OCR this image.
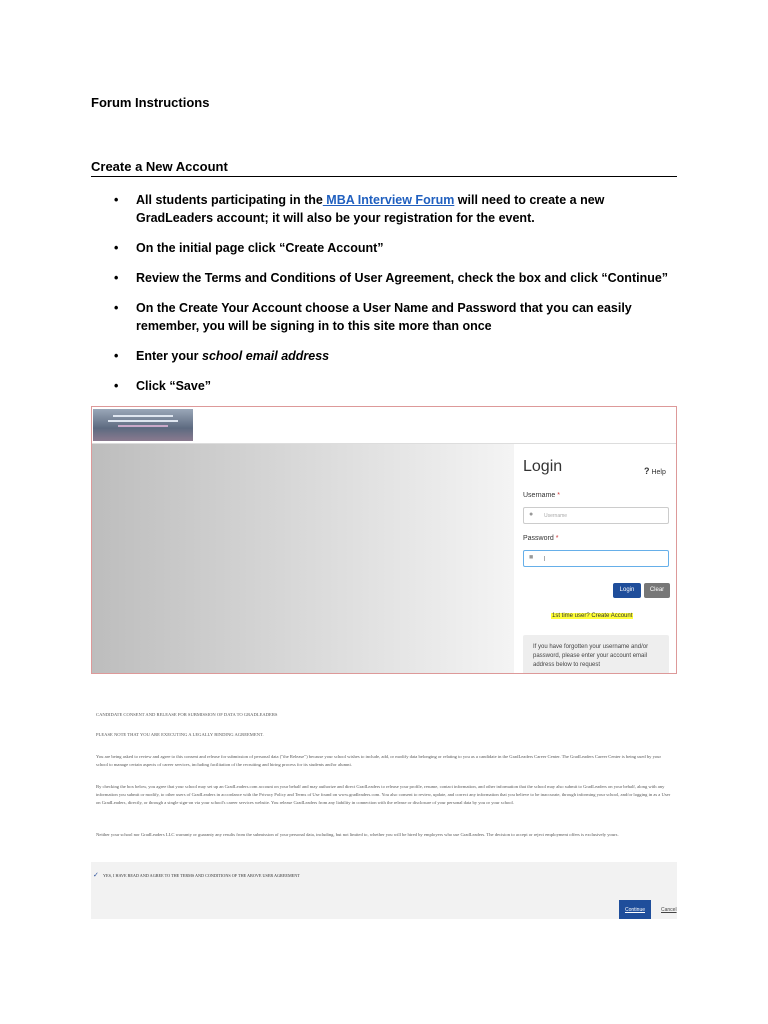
Forum Instructions
Create a New Account
• All students participating in the MBA Interview Forum will need to create a new GradLeaders account; it will also be your registration for the event.
• On the initial page click “Create Account”
• Review the Terms and Conditions of User Agreement, check the box and click “Continue”
• On the Create Your Account choose a User Name and Password that you can easily remember, you will be signing in to this site more than once
• Enter your school email address
• Click “Save”
Login	? Help
Username *
● Username
Password *
■ |
Login	Clear
1st time user? Create Account
If you have forgotten your username and/or password, please enter your account email address below to request
CANDIDATE CONSENT AND RELEASE FOR SUBMISSION OF DATA TO GRADLEADERS
PLEASE NOTE THAT YOU ARE EXECUTING A LEGALLY BINDING AGREEMENT.
You are being asked to review and agree to this consent and release for submission of personal data ("the Release") because your school wishes to include, add, or modify data belonging or relating to you as a candidate in the GradLeaders Career Center. The GradLeaders Career Center is being used by your school to manage certain aspects of career services, including facilitation of the recruiting and hiring process for its students and/or alumni.
By checking the box below, you agree that your school may set up an GradLeaders.com account on your behalf and may authorize and direct GradLeaders to release your profile, resume, contact information, and other information that the school may also submit to GradLeaders on your behalf, along with any information you submit or modify, to other users of GradLeaders in accordance with the Privacy Policy and Terms of Use found on www.gradleaders.com. You also consent to review, update, and correct any information that you believe to be inaccurate, through informing your school, and/or logging in as a User on GradLeaders, directly, or through a single sign-on via your school's career services website. You release GradLeaders from any liability in connection with the release or disclosure of your personal data by you or your school.
Neither your school nor GradLeaders LLC warranty or guaranty any results from the submission of your personal data, including, but not limited to, whether you will be hired by employers who use GradLeaders. The decision to accept or reject employment offers is exclusively yours.
✓ YES, I HAVE READ AND AGREE TO THE TERMS AND CONDITIONS OF THE ABOVE USER AGREEMENT
Continue	Cancel
